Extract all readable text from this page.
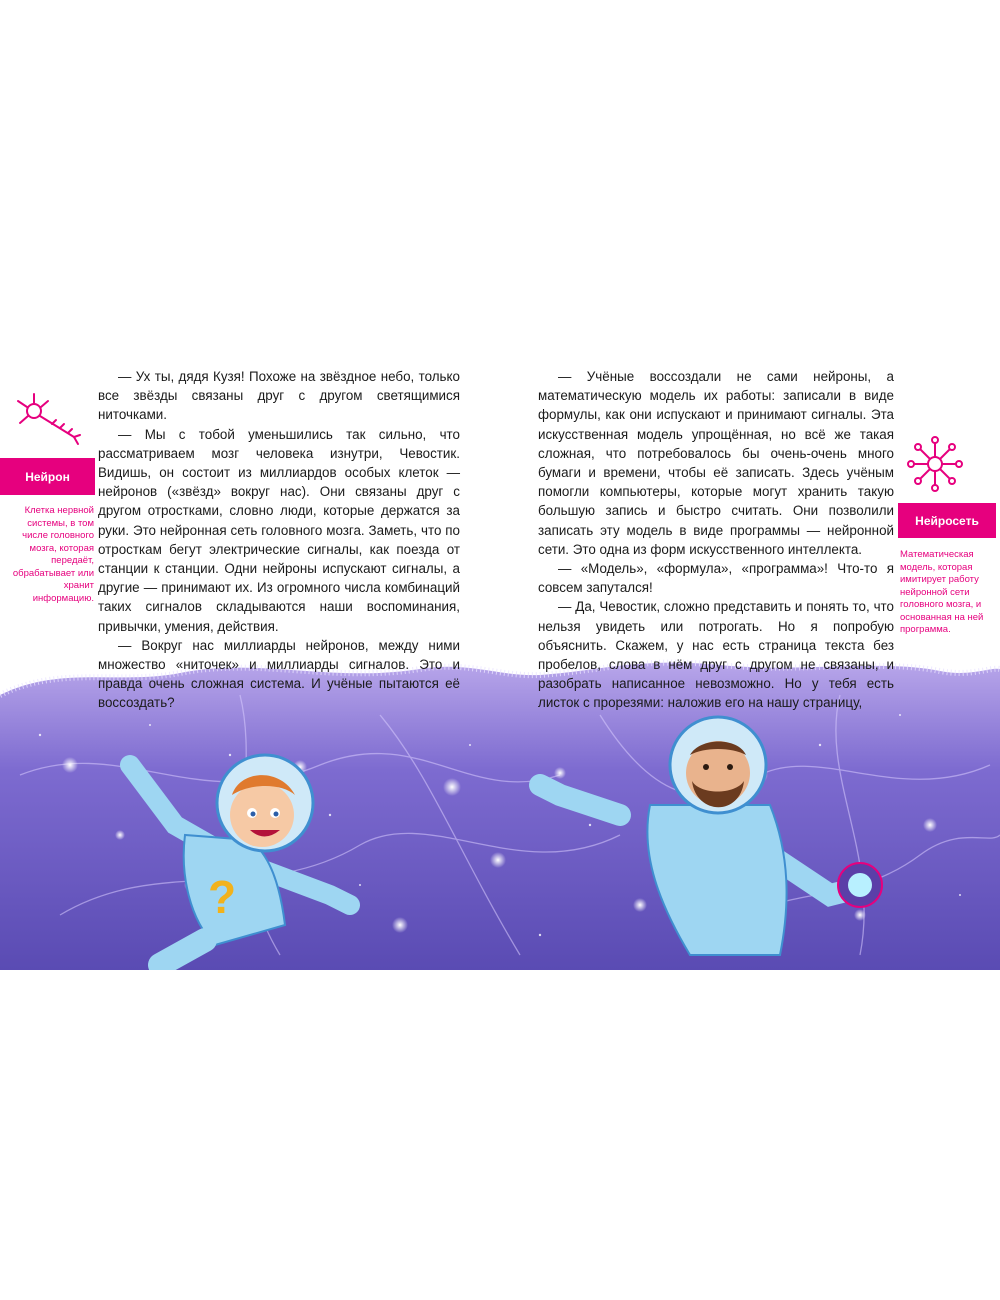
?
Нейрон
Клетка нервной системы, в том числе головного мозга, которая передаёт, обрабатывает или хранит информацию.

— Ух ты, дядя Кузя! Похоже на звёздное небо, только все звёзды связаны друг с другом светящимися ниточками.

— Мы с тобой уменьшились так сильно, что рассматриваем мозг человека изнутри, Чевостик. Видишь, он состоит из миллиардов особых клеток — нейронов («звёзд» вокруг нас). Они связаны друг с другом отростками, словно люди, которые держатся за руки. Это нейронная сеть головного мозга. Заметь, что по отросткам бегут электрические сигналы, как поезда от станции к станции. Одни нейроны испускают сигналы, а другие — принимают их. Из огромного числа комбинаций таких сигналов складываются наши воспоминания, привычки, умения, действия.

— Вокруг нас миллиарды нейронов, между ними множество «ниточек» и миллиарды сигналов. Это и правда очень сложная система. И учёные пытаются её воссоздать?

— Учёные воссоздали не сами нейроны, а математическую модель их работы: записали в виде формулы, как они испускают и принимают сигналы. Эта искусственная модель упрощённая, но всё же такая сложная, что потребовалось бы очень-очень много бумаги и времени, чтобы её записать. Здесь учёным помогли компьютеры, которые могут хранить такую большую запись и быстро считать. Они позволили записать эту модель в виде программы — нейронной сети. Это одна из форм искусственного интеллекта.

— «Модель», «формула», «программа»! Что-то я совсем запутался!

— Да, Чевостик, сложно представить и понять то, что нельзя увидеть или потрогать. Но я попробую объяснить. Скажем, у нас есть страница текста без пробелов, слова в нём друг с другом не связаны, и разобрать написанное невозможно. Но у тебя есть листок с прорезями: наложив его на нашу страницу,

Нейросеть
Математическая модель, которая имитирует работу нейронной сети головного мозга, и основанная на ней программа.
